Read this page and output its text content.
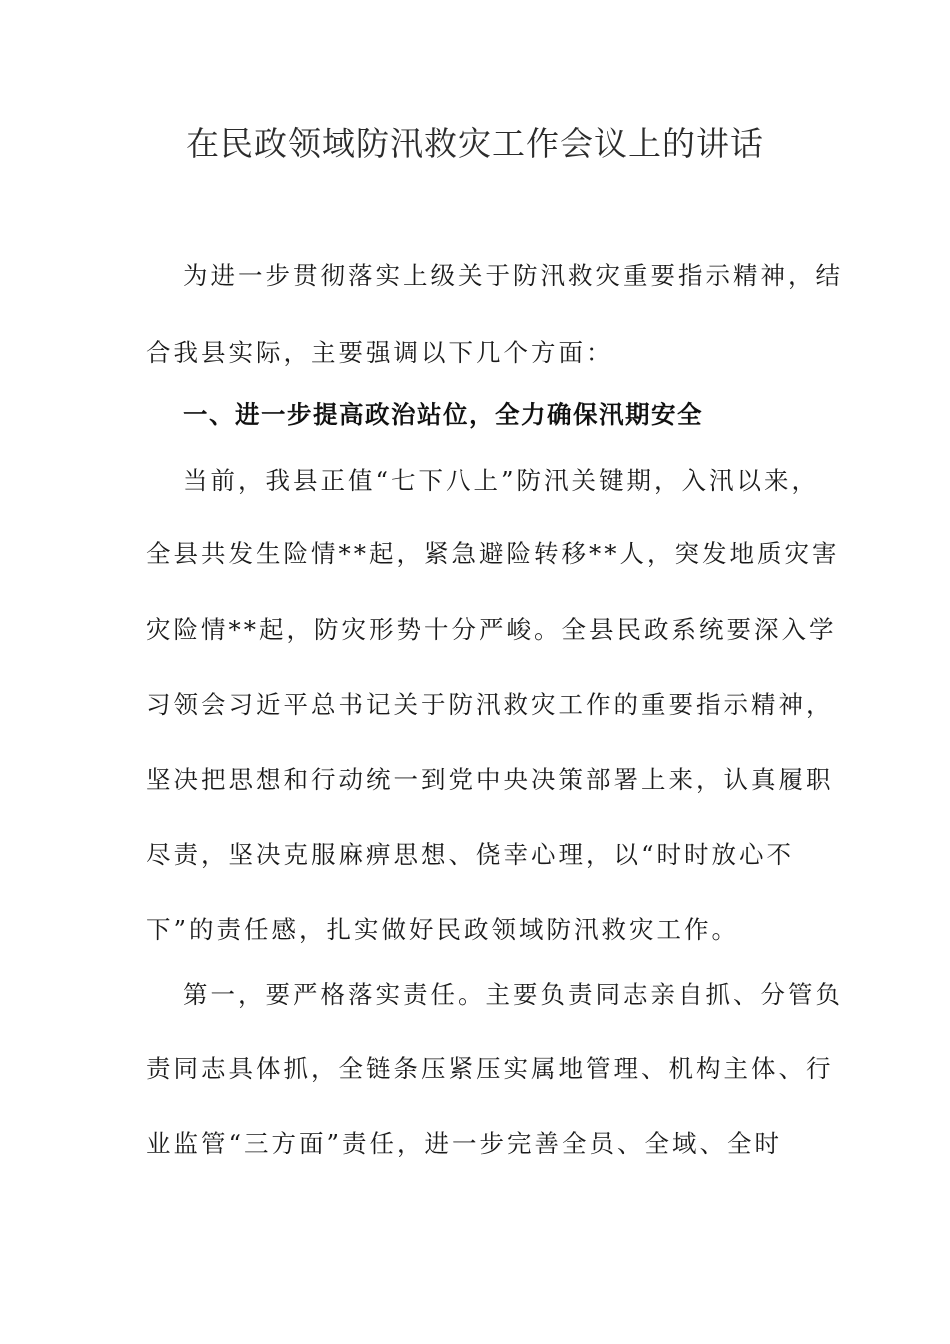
在民政领域防汛救灾工作会议上的讲话
为进一步贯彻落实上级关于防汛救灾重要指示精神，结
合我县实际，主要强调以下几个方面：
一、进一步提高政治站位，全力确保汛期安全
当前，我县正值“七下八上”防汛关键期，入汛以来，
全县共发生险情**起，紧急避险转移**人，突发地质灾害
灾险情**起，防灾形势十分严峻。全县民政系统要深入学
习领会习近平总书记关于防汛救灾工作的重要指示精神，
坚决把思想和行动统一到党中央决策部署上来，认真履职
尽责，坚决克服麻痹思想、侥幸心理，以“时时放心不
下”的责任感，扎实做好民政领域防汛救灾工作。
第一，要严格落实责任。主要负责同志亲自抓、分管负
责同志具体抓，全链条压紧压实属地管理、机构主体、行
业监管“三方面”责任，进一步完善全员、全域、全时
